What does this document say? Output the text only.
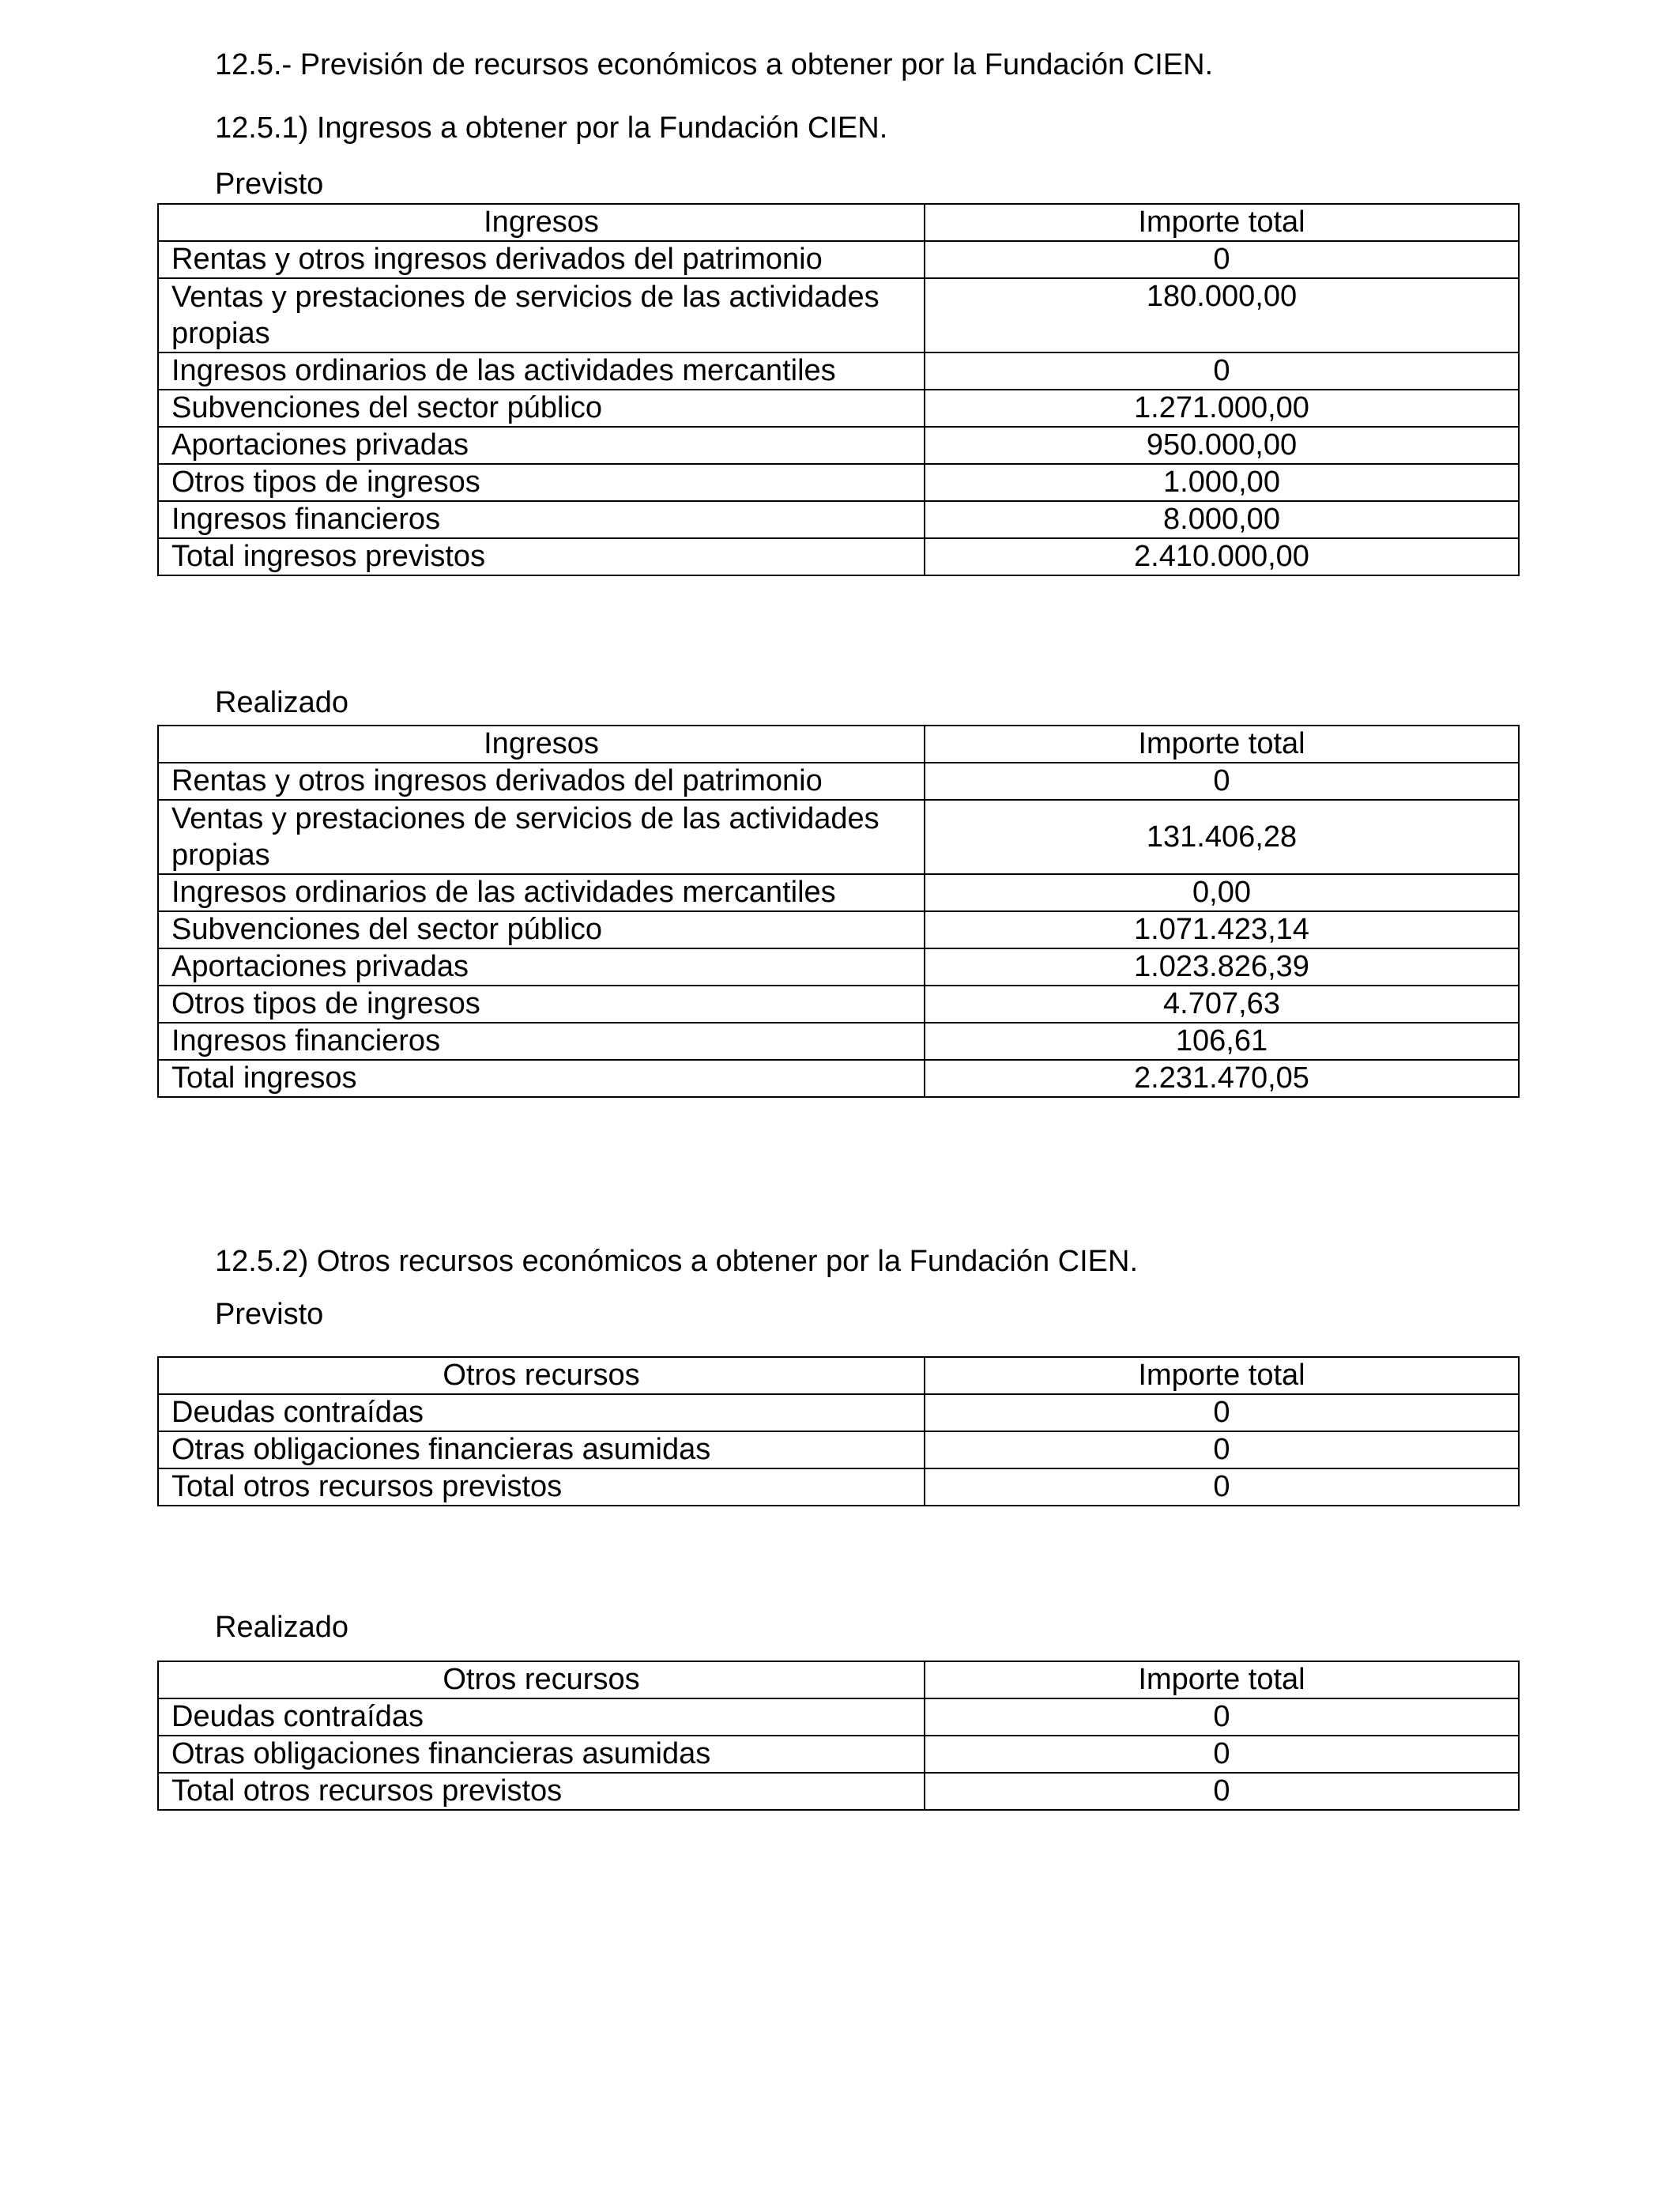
12.5.- Previsión de recursos económicos a obtener por la Fundación CIEN.
12.5.1) Ingresos a obtener por la Fundación CIEN.
Previsto
Ingresos	Importe total
Rentas y otros ingresos derivados del patrimonio	0
Ventas y prestaciones de servicios de las actividades propias	180.000,00
Ingresos ordinarios de las actividades mercantiles	0
Subvenciones del sector público	1.271.000,00
Aportaciones privadas	950.000,00
Otros tipos de ingresos	1.000,00
Ingresos financieros	8.000,00
Total ingresos previstos	2.410.000,00
Realizado
Ingresos	Importe total
Rentas y otros ingresos derivados del patrimonio	0
Ventas y prestaciones de servicios de las actividades propias	131.406,28
Ingresos ordinarios de las actividades mercantiles	0,00
Subvenciones del sector público	1.071.423,14
Aportaciones privadas	1.023.826,39
Otros tipos de ingresos	4.707,63
Ingresos financieros	106,61
Total ingresos	2.231.470,05
12.5.2) Otros recursos económicos a obtener por la Fundación CIEN.
Previsto
Otros recursos	Importe total
Deudas contraídas	0
Otras obligaciones financieras asumidas	0
Total otros recursos previstos	0
Realizado
Otros recursos	Importe total
Deudas contraídas	0
Otras obligaciones financieras asumidas	0
Total otros recursos previstos	0
